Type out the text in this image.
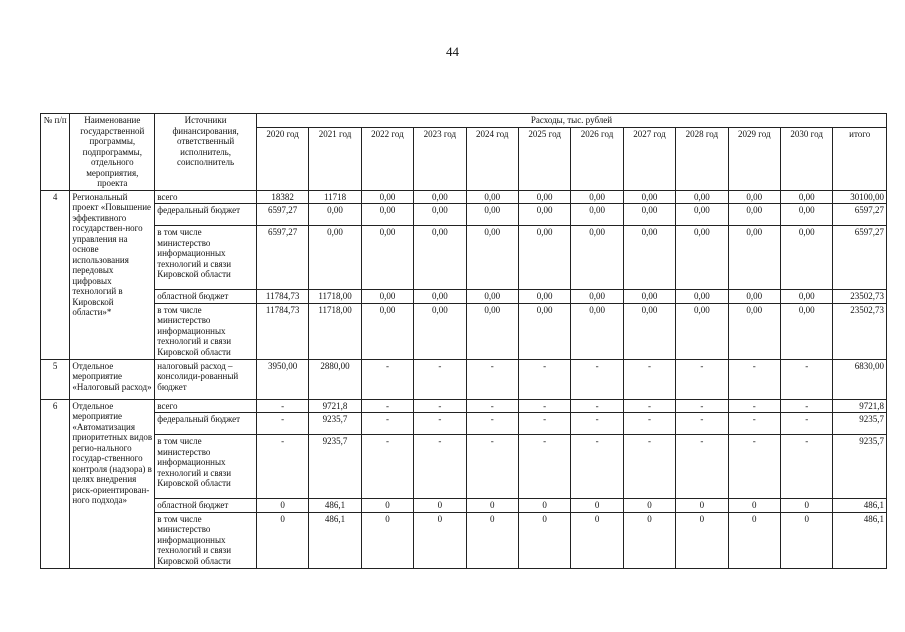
44
№ п/п	Наименование государственной программы, подпрограммы, отдельного мероприятия, проекта	Источники финансирования, ответственный исполнитель, соисполнитель	Расходы, тыс. рублей											
			2020 год	2021 год	2022 год	2023 год	2024 год	2025 год	2026 год	2027 год	2028 год	2029 год	2030 год	итого
4	Региональный проект «Повышение эффективного государствен-ного управления на основе использования передовых цифровых технологий в Кировской области»*	всего	18382	11718	0,00	0,00	0,00	0,00	0,00	0,00	0,00	0,00	0,00	30100,00
		федеральный бюджет	6597,27	0,00	0,00	0,00	0,00	0,00	0,00	0,00	0,00	0,00	0,00	6597,27
		в том числе министерство информационных технологий и связи Кировской области	6597,27	0,00	0,00	0,00	0,00	0,00	0,00	0,00	0,00	0,00	0,00	6597,27
		областной бюджет	11784,73	11718,00	0,00	0,00	0,00	0,00	0,00	0,00	0,00	0,00	0,00	23502,73
		в том числе министерство информационных технологий и связи Кировской области	11784,73	11718,00	0,00	0,00	0,00	0,00	0,00	0,00	0,00	0,00	0,00	23502,73
5	Отдельное мероприятие «Налоговый расход»	налоговый расход – консолиди-рованный бюджет	3950,00	2880,00	-	-	-	-	-	-	-	-	-	6830,00
6	Отдельное мероприятие «Автоматизация приоритетных видов регио-нального государ-ственного контроля (надзора) в целях внедрения риск-ориентирован-ного подхода»	всего	-	9721,8	-	-	-	-	-	-	-	-	-	9721,8
		федеральный бюджет	-	9235,7	-	-	-	-	-	-	-	-	-	9235,7
		в том числе министерство информационных технологий и связи Кировской области	-	9235,7	-	-	-	-	-	-	-	-	-	9235,7
		областной бюджет	0	486,1	0	0	0	0	0	0	0	0	0	486,1
		в том числе министерство информационных технологий и связи Кировской области	0	486,1	0	0	0	0	0	0	0	0	0	486,1
